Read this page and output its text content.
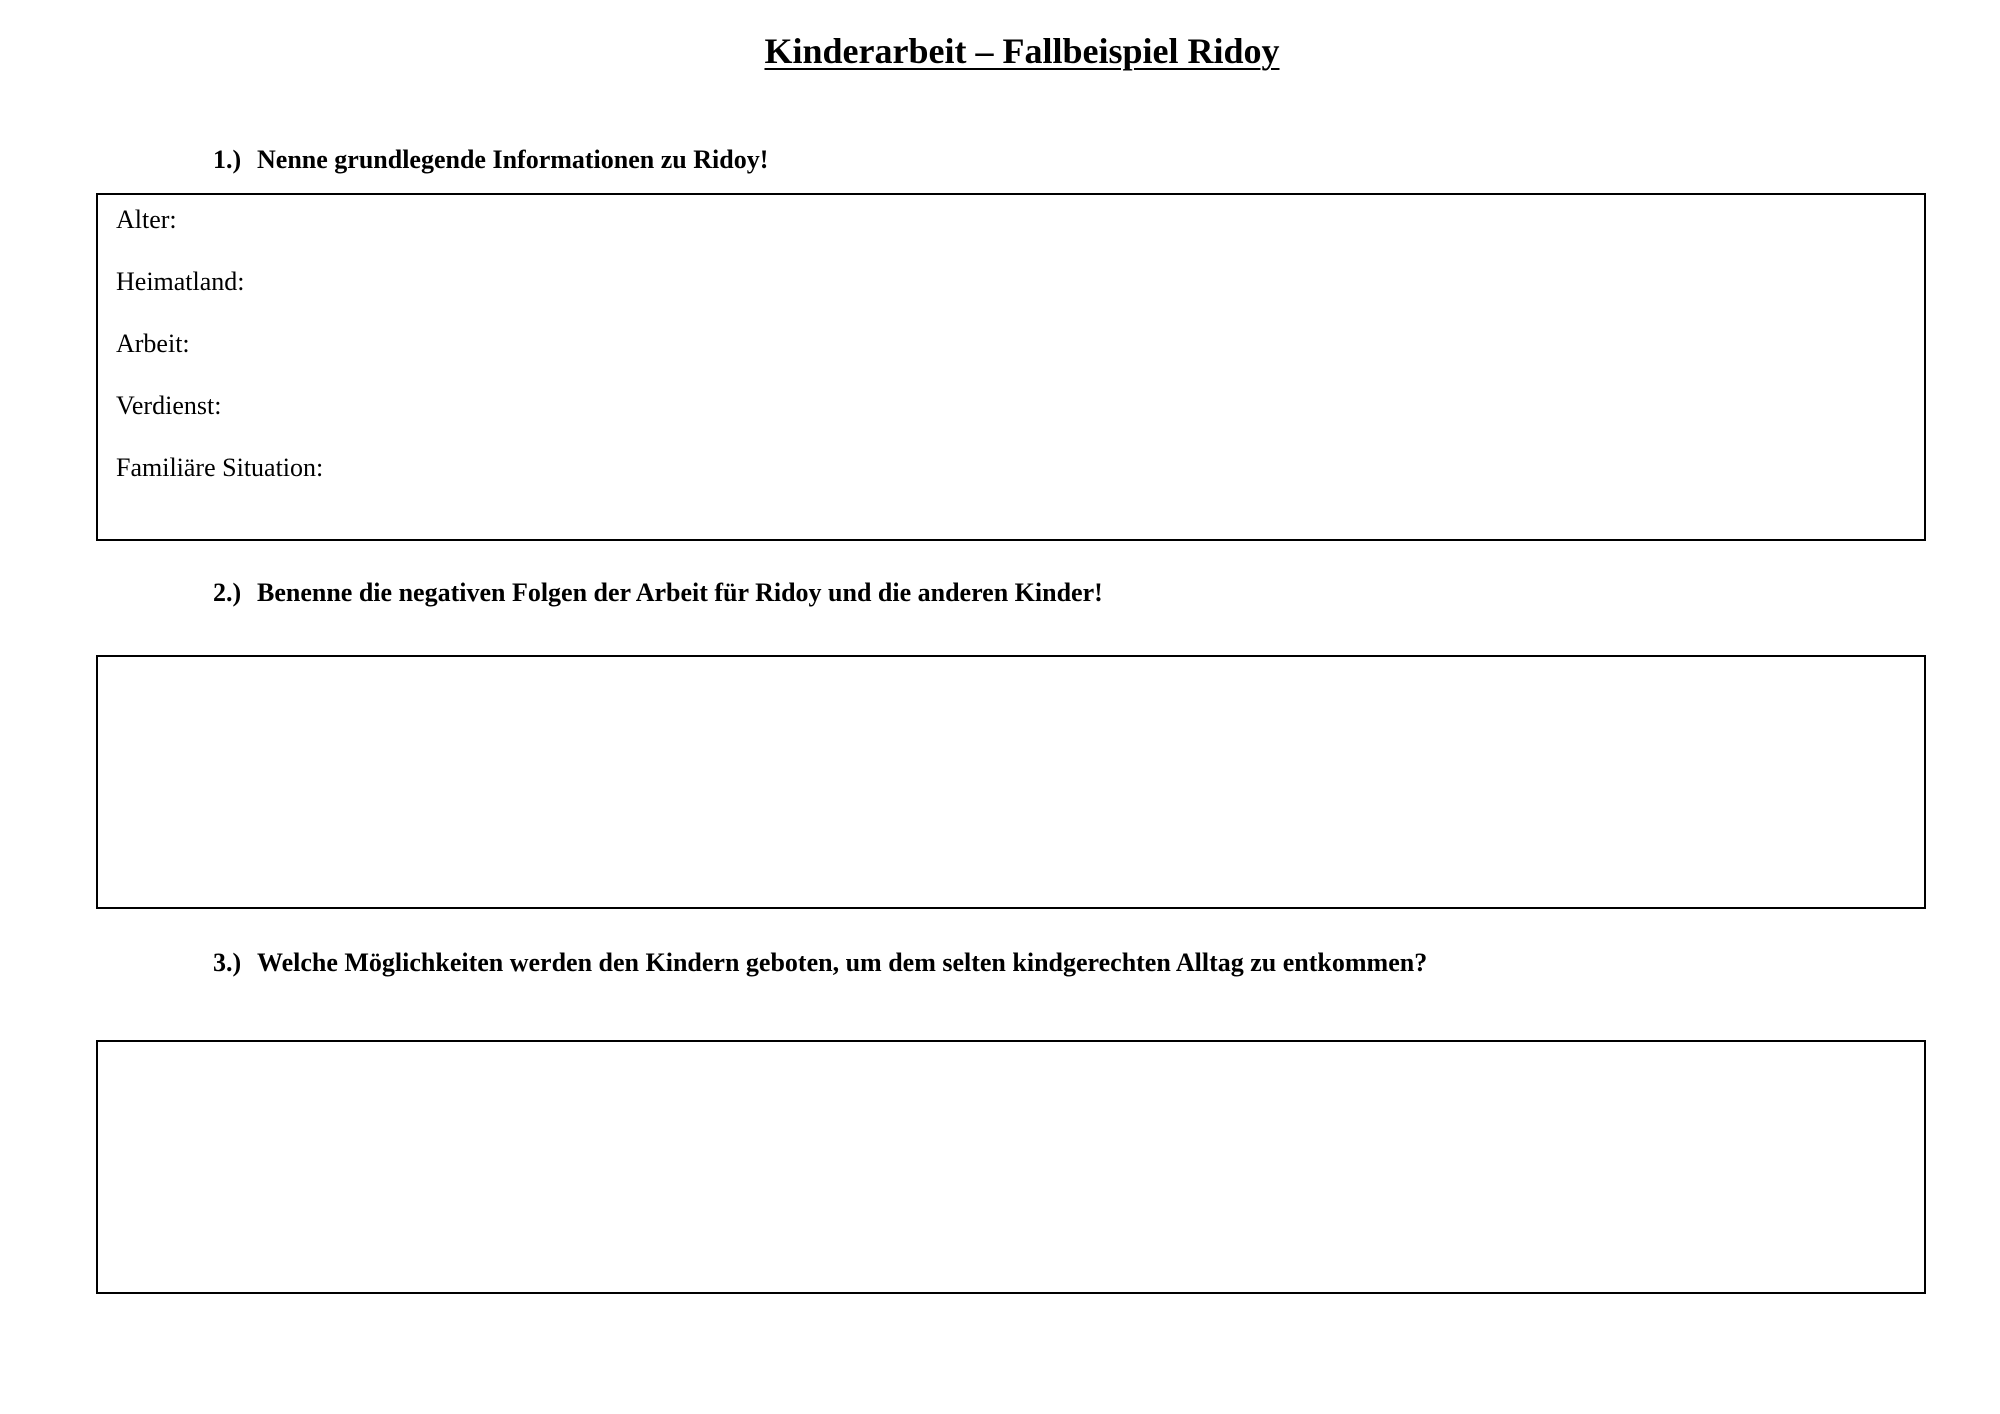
Kinderarbeit – Fallbeispiel Ridoy

1.) Nenne grundlegende Informationen zu Ridoy!

Alter:
Heimatland:
Arbeit:
Verdienst:
Familiäre Situation:

2.) Benenne die negativen Folgen der Arbeit für Ridoy und die anderen Kinder!

3.) Welche Möglichkeiten werden den Kindern geboten, um dem selten kindgerechten Alltag zu entkommen?
